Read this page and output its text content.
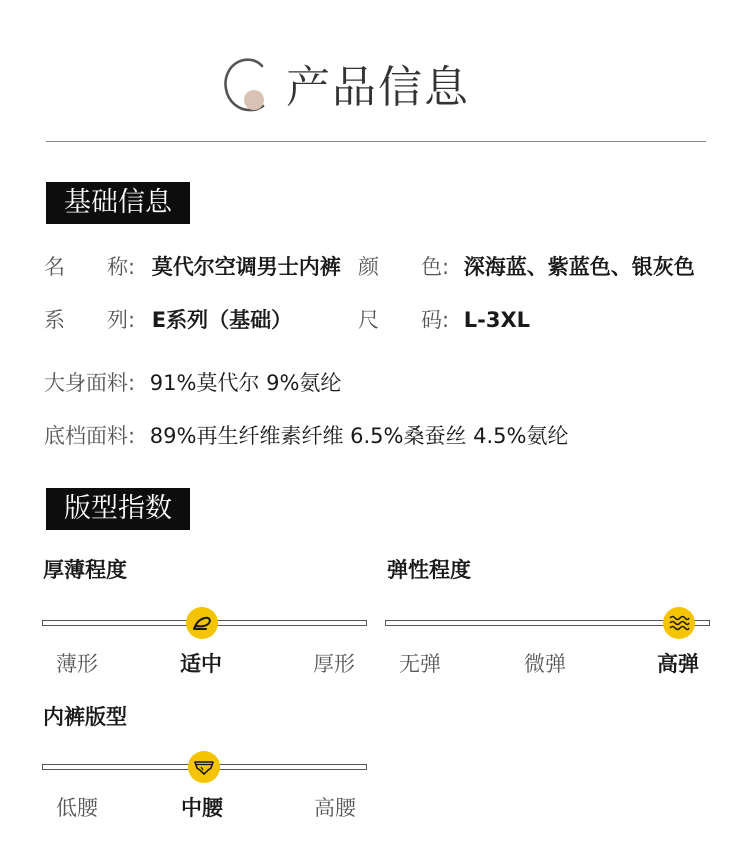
产品信息
基础信息
名　　称: 莫代尔空调男士内裤 颜　　色: 深海蓝、紫蓝色、银灰色
系　　列: E系列（基础）	尺　　码: L-3XL
大身面料: 91%莫代尔 9%氨纶
底档面料: 89%再生纤维素纤维 6.5%桑蚕丝 4.5%氨纶
版型指数
厚薄程度
薄形	适中	厚形
弹性程度
无弹	微弹	高弹
内裤版型
低腰	中腰	高腰
